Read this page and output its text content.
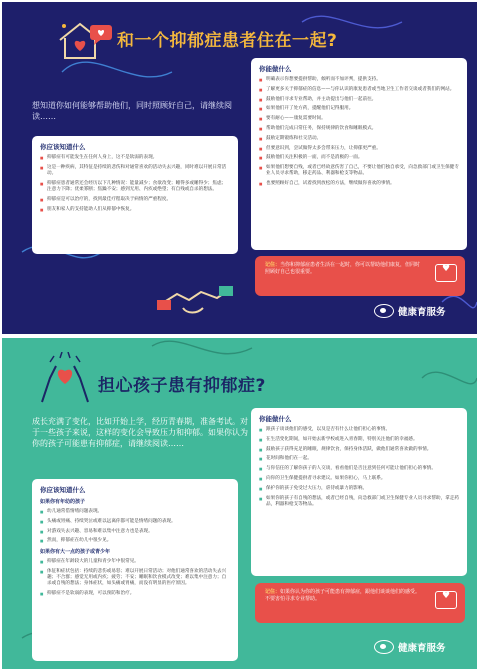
和一个抑郁症患者住在一起?

想知道你如何能够帮助他们，同时照顾好自己，请继续阅读……

你应该知道什么
■ 抑郁症有可能发生在任何人身上，这不是软弱的表现。
■ 这是一种疾病，其特征是持续的悲伤和对通常喜欢的活动失去兴趣，同时难以开展日常活动。
■ 抑郁症患者通常还会经历以下几种情况：能量减少；食欲改变；睡得多或睡得少；焦虑；注意力下降；优柔寡断；焦躁不安；感到无用、内疚或绝望；有自残或自杀的想法。
■ 抑郁症是可以治疗的，找到最佳疗程取决于病情的严重程度。
■ 朋友和家人的支持能助人们从抑郁中恢复。
你能做什么
■ 明确表示你想要提供帮助，倾听而不加评判，提供支持。
■ 了解更多关于抑郁症的信息——与你认识的康复患者或当地卫生工作者交谈或者我们的网站。
■ 鼓励他们寻求专业帮助，并主动提出与他们一起前往。
■ 如果他们开了处方药，提醒他们记得服用。
■ 要有耐心——康复需要时间。
■ 帮助他们完成日常任务，保持规律的饮食和睡眠模式。
■ 鼓励定期锻炼和社交活动。
■ 但要意识到，尝试做得太多会带来压力，让抑郁更严重。
■ 鼓励他们关注积极的一面，而不是消极的一面。
■ 如果他们想要自残，或者已经故意伤害了自己，不要让他们独自承受，向急救部门或卫生保健专业人员寻求帮助，移走药品、利器和枪支等物品。
■ 也要照顾好自己，试着找到放松的方法，继续做你喜欢的事情。
记住：当你和抑郁症患者生活在一起时，你可以帮助他们康复，但同时照顾好自己也很重要。
♥
健康育服务
担心孩子患有抑郁症?

成长充满了变化，比如开始上学，经历青春期，准备考试。对于一些孩子来说，这样的变化会导致压力和抑郁。如果你认为你的孩子可能患有抑郁症，请继续阅读……

你应该知道什么
如果你有年幼的孩子
■ 幼儿通常借情绪问题表现。
■ 头痛或胃痛、持续哭泣或难以远离你都可能是情绪问题的表现。
■ 对游戏失去兴趣、容易和难以集中注意力也是表现。
■ 然而，抑郁症在幼儿中很少见。
如果你有大一点的孩子或青少年
■ 抑郁症在年龄较大的儿童和青少年中很常见。
■ 体征和症状包括：持续的悲伤或易怒；难以开展日常活动；对他们通常喜欢的活动失去兴趣；不合群；感觉无用或内疚；疲劳；不安；睡眠和饮食模式改变；难以集中注意力；自杀或自残的想法；身体症状，如头痛或胃痛，而没有明显的医疗原因。
■ 抑郁症不是软弱的表现，可以预防和治疗。
你能做什么
■ 跟孩子谈谈他们的感受，以及是否有什么让他们担心的事情。
■ 在生活变化期间，如开始去新学校或进入青春期，特别关注他们的幸福感。
■ 鼓励孩子获得充足的睡眠，规律饮食，保持身体活跃，做他们通常喜欢做的事情。
■ 花时间和他们在一起。
■ 与你信任的了解你孩子的人交谈，看看他们是否注意到任何可能让他们担心的事情。
■ 向你的卫生保健提供者寻求建议。如果你担心，马上联系。
■ 保护你的孩子免受过大压力，虐待或暴力的影响。
■ 如果你的孩子有自残的想法，或者已经自残，向急救部门或卫生保健专业人员寻求帮助，拿走药品，利器和枪支等物品。
记住：如果你认为你的孩子可能患有抑郁症，跟他们谈谈他们的感受。不要害怕寻求专业帮助。
♥
健康育服务
